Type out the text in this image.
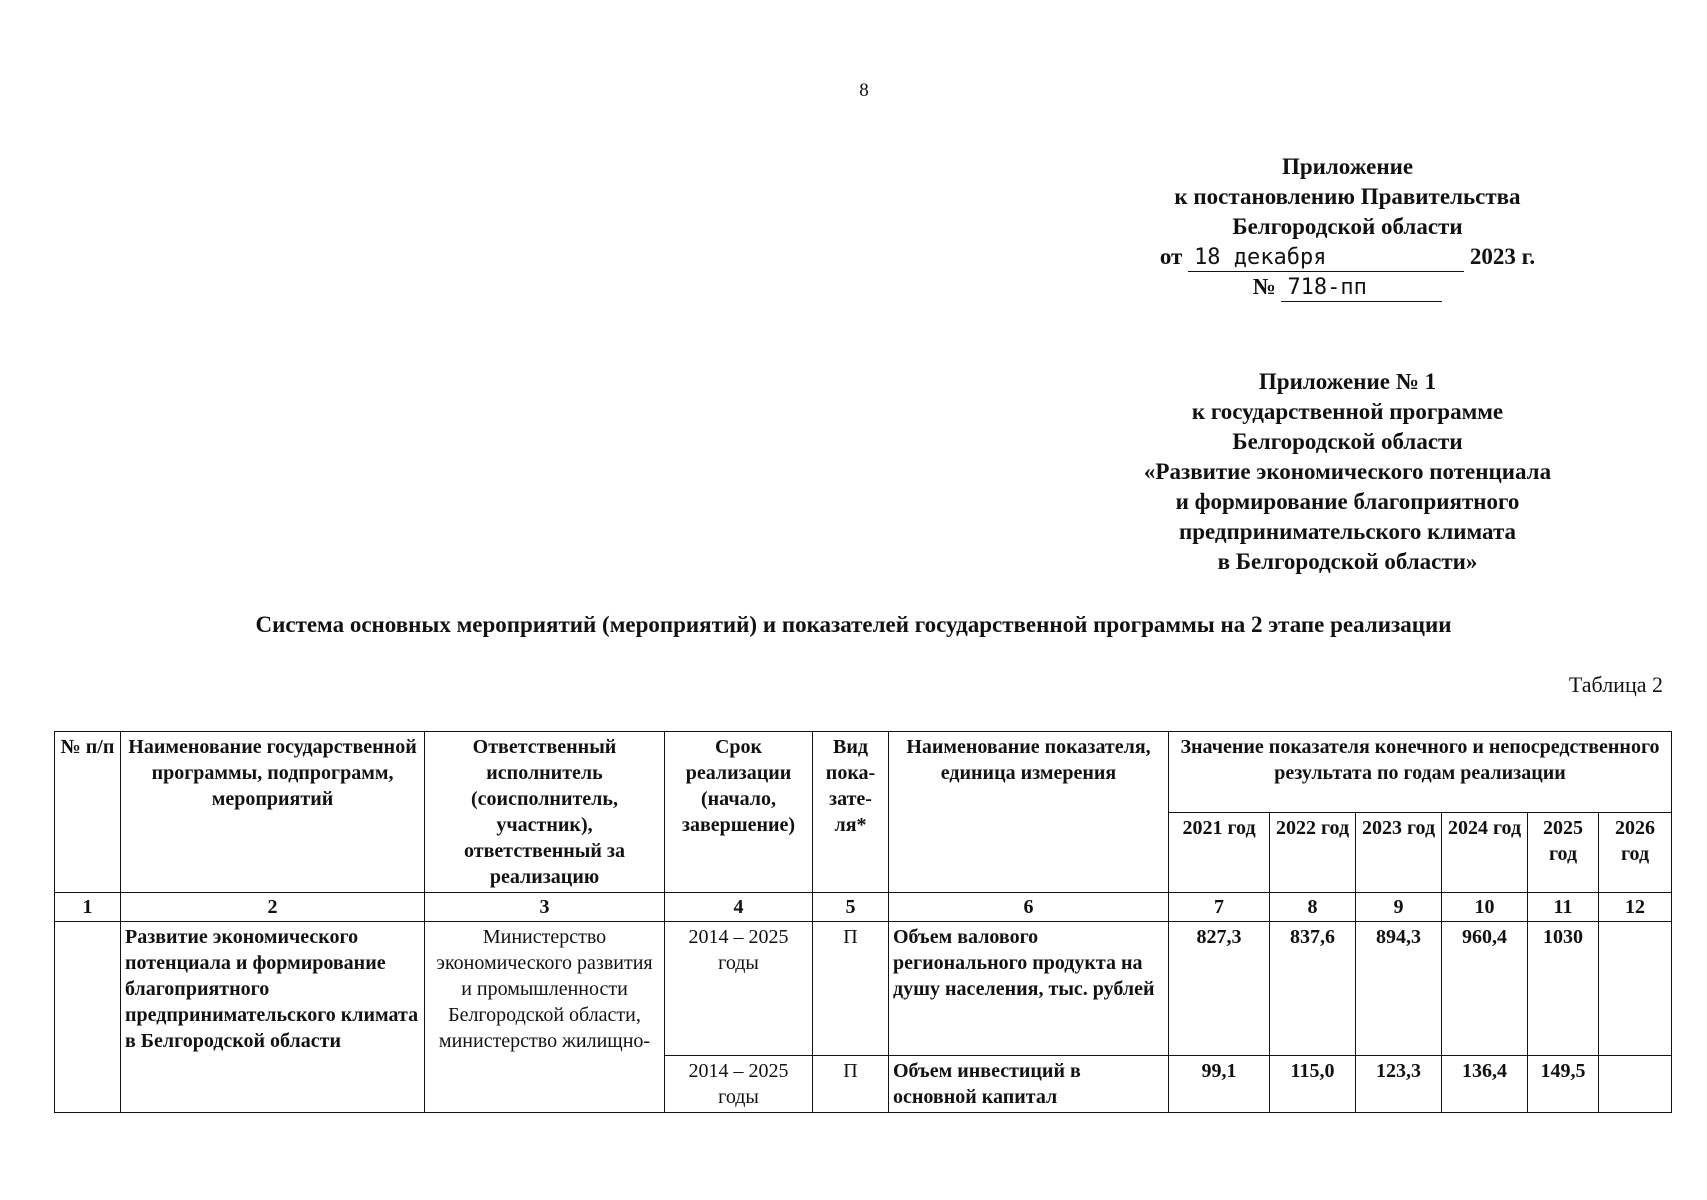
8
Приложение
к постановлению Правительства
Белгородской области
от 18 декабря	2023 г.
№ 718-пп
Приложение № 1
к государственной программе
Белгородской области
«Развитие экономического потенциала
и формирование благоприятного
предпринимательского климата
в Белгородской области»
Система основных мероприятий (мероприятий) и показателей государственной программы на 2 этапе реализации
Таблица 2
№ п/п	Наименование государственной программы, подпрограмм, мероприятий	Ответственный исполнитель (соисполнитель, участник), ответственный за реализацию	Срок реализации (начало, завершение)	Вид пока-зате-ля*	Наименование показателя, единица измерения	Значение показателя конечного и непосредственного результата по годам реализации					
						2021 год	2022 год	2023 год	2024 год	2025 год	2026 год
1	2	3	4	5	6	7	8	9	10	11	12
	Развитие экономического потенциала и формирование благоприятного предпринимательского климата в Белгородской области	Министерство экономического развития и промышленности Белгородской области, министерство жилищно-	2014 – 2025 годы	П	Объем валового регионального продукта на душу населения, тыс. рублей	827,3	837,6	894,3	960,4	1030	
			2014 – 2025 годы	П	Объем инвестиций в основной капитал	99,1	115,0	123,3	136,4	149,5	
